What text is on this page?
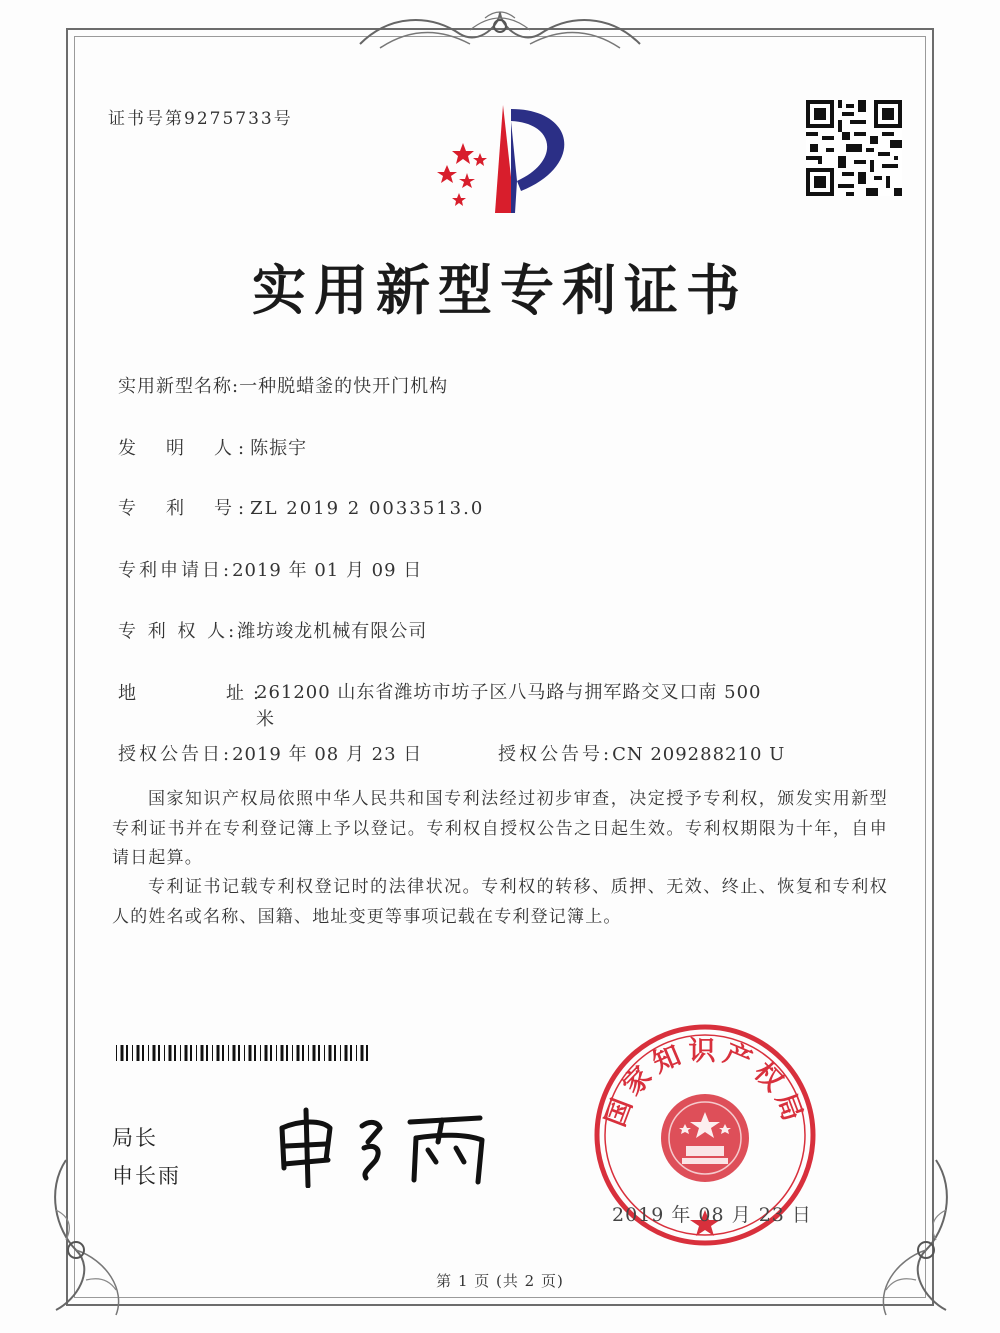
证书号第9275733号
实用新型专利证书
实用新型名称:一种脱蜡釜的快开门机构
发　明　人:陈振宇
专　利　号:ZL 2019 2 0033513.0
专利申请日:2019 年 01 月 09 日
专 利 权 人:潍坊竣龙机械有限公司
地　　　址:
261200 山东省潍坊市坊子区八马路与拥军路交叉口南 500 米
授权公告日:2019 年 08 月 23 日	授权公告号:CN 209288210 U
国家知识产权局依照中华人民共和国专利法经过初步审查，决定授予专利权，颁发实用新型专利证书并在专利登记簿上予以登记。专利权自授权公告之日起生效。专利权期限为十年，自申请日起算。
专利证书记载专利权登记时的法律状况。专利权的转移、质押、无效、终止、恢复和专利权人的姓名或名称、国籍、地址变更等事项记载在专利登记簿上。
局长
申长雨
国家知识产权局
2019 年 08 月 23 日
第 1 页 (共 2 页)
